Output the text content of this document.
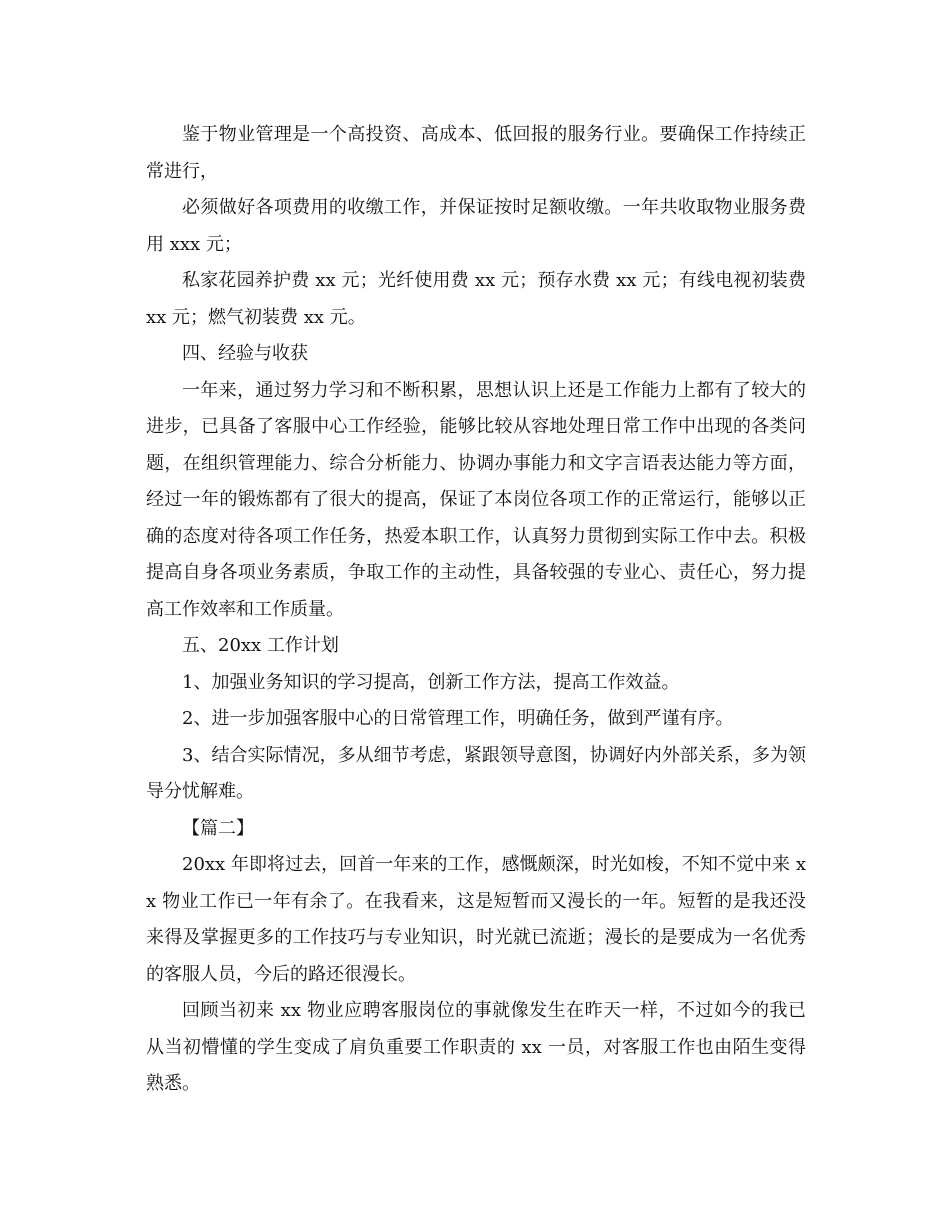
鉴于物业管理是一个高投资、高成本、低回报的服务行业。要确保工作持续正常进行，

必须做好各项费用的收缴工作，并保证按时足额收缴。一年共收取物业服务费用 xxx 元；

私家花园养护费 xx 元；光纤使用费 xx 元；预存水费 xx 元；有线电视初装费 xx 元；燃气初装费 xx 元。

四、经验与收获

一年来，通过努力学习和不断积累，思想认识上还是工作能力上都有了较大的进步，已具备了客服中心工作经验，能够比较从容地处理日常工作中出现的各类问题，在组织管理能力、综合分析能力、协调办事能力和文字言语表达能力等方面，经过一年的锻炼都有了很大的提高，保证了本岗位各项工作的正常运行，能够以正确的态度对待各项工作任务，热爱本职工作，认真努力贯彻到实际工作中去。积极提高自身各项业务素质，争取工作的主动性，具备较强的专业心、责任心，努力提高工作效率和工作质量。

五、20xx 工作计划

1、加强业务知识的学习提高，创新工作方法，提高工作效益。

2、进一步加强客服中心的日常管理工作，明确任务，做到严谨有序。

3、结合实际情况，多从细节考虑，紧跟领导意图，协调好内外部关系，多为领导分忧解难。

【篇二】

20xx 年即将过去，回首一年来的工作，感慨颇深，时光如梭，不知不觉中来 xx 物业工作已一年有余了。在我看来，这是短暂而又漫长的一年。短暂的是我还没来得及掌握更多的工作技巧与专业知识，时光就已流逝；漫长的是要成为一名优秀的客服人员，今后的路还很漫长。

回顾当初来 xx 物业应聘客服岗位的事就像发生在昨天一样，不过如今的我已从当初懵懂的学生变成了肩负重要工作职责的 xx 一员，对客服工作也由陌生变得熟悉。
